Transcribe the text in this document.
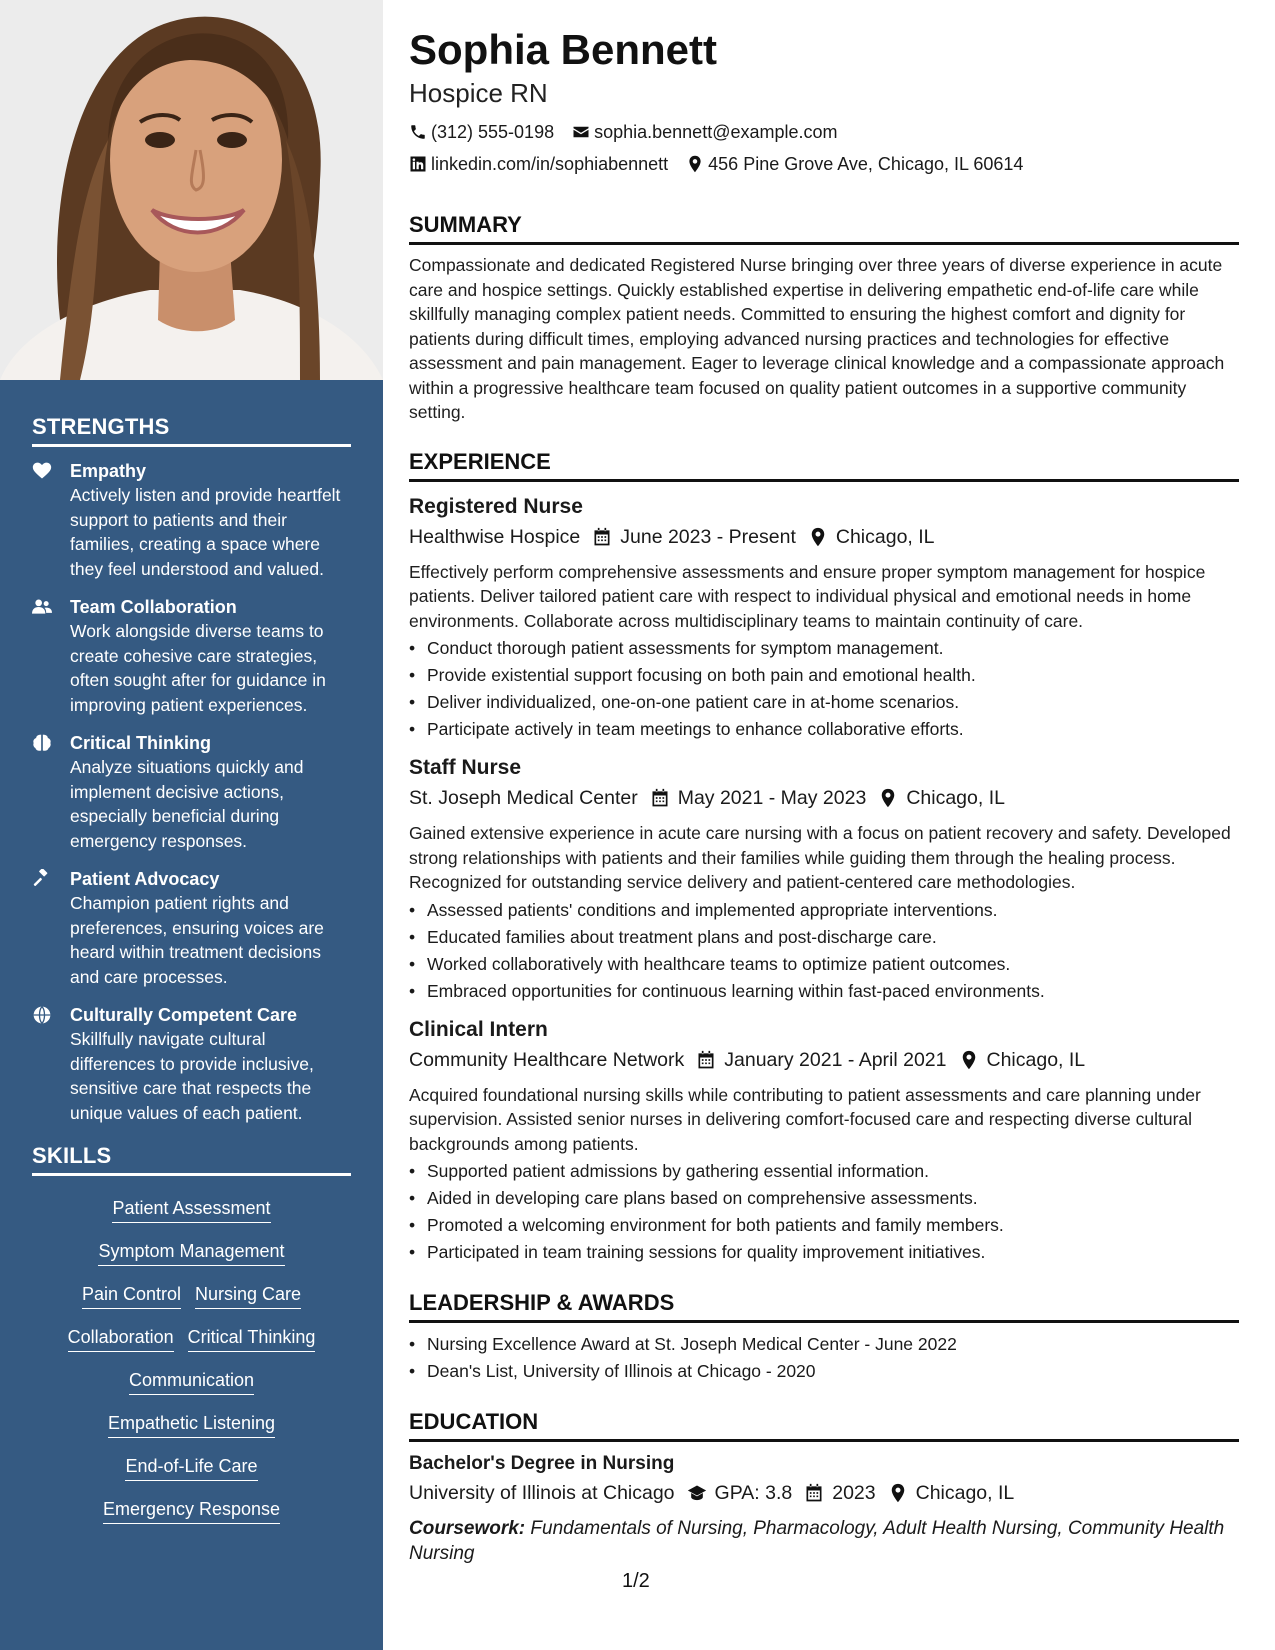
STRENGTHS
Empathy
Actively listen and provide heartfelt support to patients and their families, creating a space where they feel understood and valued.
Team Collaboration
Work alongside diverse teams to create cohesive care strategies, often sought after for guidance in improving patient experiences.
Critical Thinking
Analyze situations quickly and implement decisive actions, especially beneficial during emergency responses.
Patient Advocacy
Champion patient rights and preferences, ensuring voices are heard within treatment decisions and care processes.
Culturally Competent Care
Skillfully navigate cultural differences to provide inclusive, sensitive care that respects the unique values of each patient.
SKILLS
Patient Assessment
Symptom Management
Pain Control Nursing Care
Collaboration Critical Thinking
Communication
Empathetic Listening
End-of-Life Care
Emergency Response
Sophia Bennett
Hospice RN
(312) 555-0198 sophia.bennett@example.com
linkedin.com/in/sophiabennett 456 Pine Grove Ave, Chicago, IL 60614
SUMMARY
Compassionate and dedicated Registered Nurse bringing over three years of diverse experience in acute care and hospice settings. Quickly established expertise in delivering empathetic end-of-life care while skillfully managing complex patient needs. Committed to ensuring the highest comfort and dignity for patients during difficult times, employing advanced nursing practices and technologies for effective assessment and pain management. Eager to leverage clinical knowledge and a compassionate approach within a progressive healthcare team focused on quality patient outcomes in a supportive community setting.
EXPERIENCE
Registered Nurse
Healthwise Hospice June 2023 - Present Chicago, IL
Effectively perform comprehensive assessments and ensure proper symptom management for hospice patients. Deliver tailored patient care with respect to individual physical and emotional needs in home environments. Collaborate across multidisciplinary teams to maintain continuity of care.
• Conduct thorough patient assessments for symptom management.
• Provide existential support focusing on both pain and emotional health.
• Deliver individualized, one-on-one patient care in at-home scenarios.
• Participate actively in team meetings to enhance collaborative efforts.
Staff Nurse
St. Joseph Medical Center May 2021 - May 2023 Chicago, IL
Gained extensive experience in acute care nursing with a focus on patient recovery and safety. Developed strong relationships with patients and their families while guiding them through the healing process. Recognized for outstanding service delivery and patient-centered care methodologies.
• Assessed patients' conditions and implemented appropriate interventions.
• Educated families about treatment plans and post-discharge care.
• Worked collaboratively with healthcare teams to optimize patient outcomes.
• Embraced opportunities for continuous learning within fast-paced environments.
Clinical Intern
Community Healthcare Network January 2021 - April 2021 Chicago, IL
Acquired foundational nursing skills while contributing to patient assessments and care planning under supervision. Assisted senior nurses in delivering comfort-focused care and respecting diverse cultural backgrounds among patients.
• Supported patient admissions by gathering essential information.
• Aided in developing care plans based on comprehensive assessments.
• Promoted a welcoming environment for both patients and family members.
• Participated in team training sessions for quality improvement initiatives.
LEADERSHIP & AWARDS
• Nursing Excellence Award at St. Joseph Medical Center - June 2022
• Dean's List, University of Illinois at Chicago - 2020
EDUCATION
Bachelor's Degree in Nursing
University of Illinois at Chicago GPA: 3.8 2023 Chicago, IL
Coursework: Fundamentals of Nursing, Pharmacology, Adult Health Nursing, Community Health Nursing
1/2
